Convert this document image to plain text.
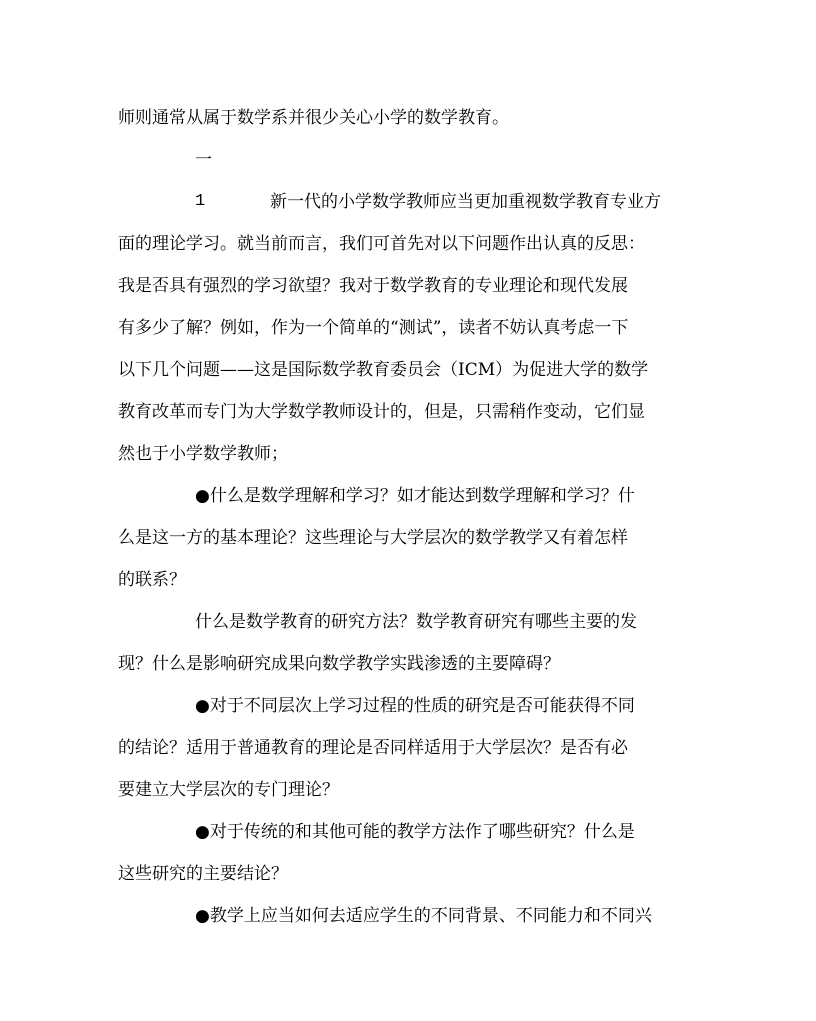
师则通常从属于数学系并很少关心小学的数学教育。
一
1	新一代的小学数学教师应当更加重视数学教育专业方
面的理论学习。就当前而言，我们可首先对以下问题作出认真的反思：
我是否具有强烈的学习欲望？我对于数学教育的专业理论和现代发展
有多少了解？例如，作为一个简单的“测试”，读者不妨认真考虑一下
以下几个问题——这是国际数学教育委员会（ICM）为促进大学的数学
教育改革而专门为大学数学教师设计的，但是，只需稍作变动，它们显
然也于小学数学教师；
●什么是数学理解和学习？如才能达到数学理解和学习？什
么是这一方的基本理论？这些理论与大学层次的数学教学又有着怎样
的联系？
什么是数学教育的研究方法？数学教育研究有哪些主要的发
现？什么是影响研究成果向数学教学实践渗透的主要障碍？
●对于不同层次上学习过程的性质的研究是否可能获得不同
的结论？适用于普通教育的理论是否同样适用于大学层次？是否有必
要建立大学层次的专门理论？
●对于传统的和其他可能的教学方法作了哪些研究？什么是
这些研究的主要结论？
●教学上应当如何去适应学生的不同背景、不同能力和不同兴
